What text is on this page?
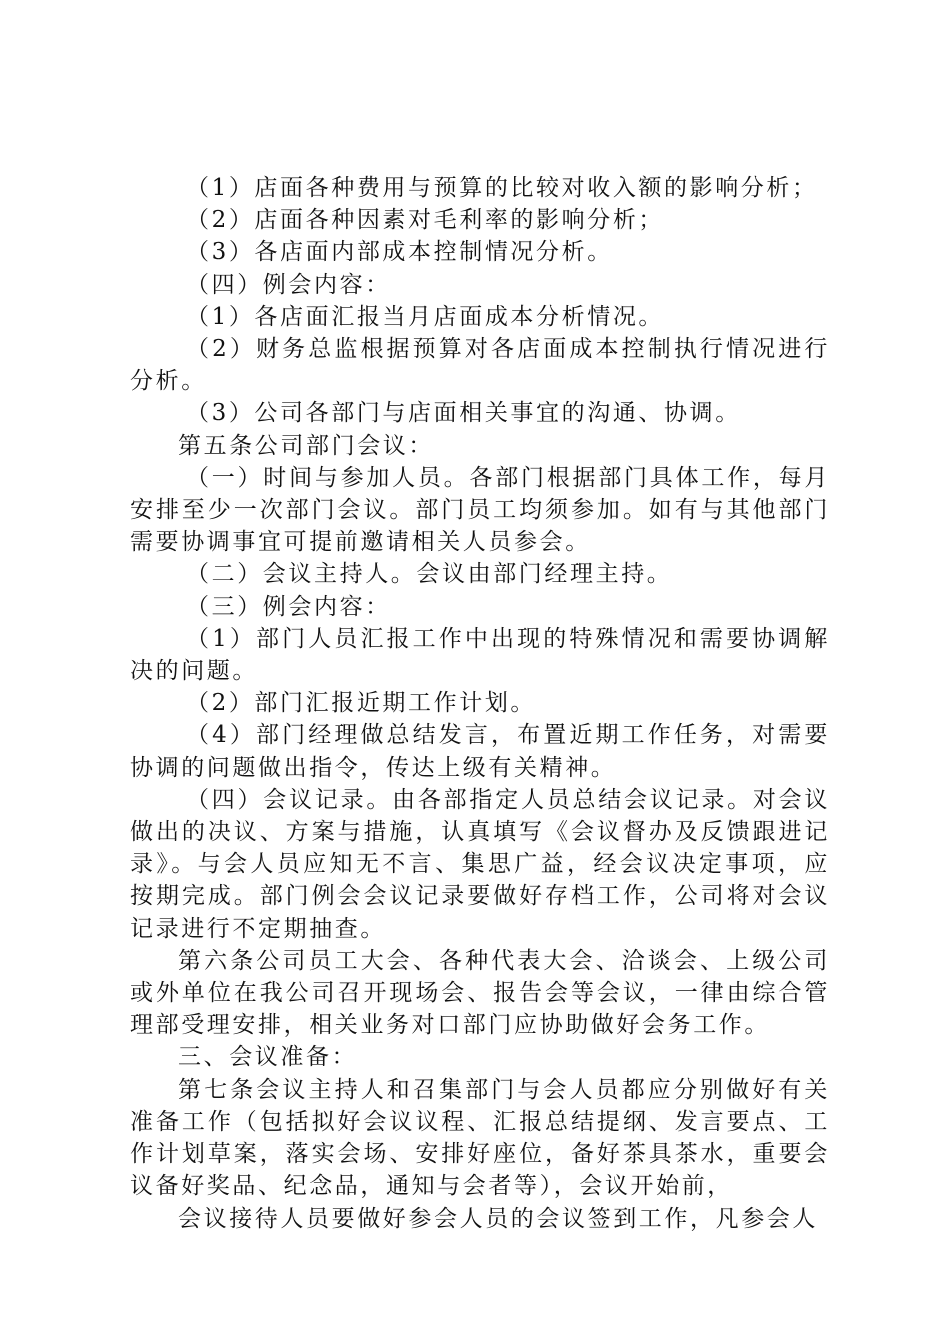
（1）店面各种费用与预算的比较对收入额的影响分析；

（2）店面各种因素对毛利率的影响分析；

（3）各店面内部成本控制情况分析。

（四）例会内容：

（1）各店面汇报当月店面成本分析情况。

（2）财务总监根据预算对各店面成本控制执行情况进行分析。

（3）公司各部门与店面相关事宜的沟通、协调。

第五条公司部门会议：

（一）时间与参加人员。各部门根据部门具体工作，每月安排至少一次部门会议。部门员工均须参加。如有与其他部门需要协调事宜可提前邀请相关人员参会。

（二）会议主持人。会议由部门经理主持。

（三）例会内容：

（1）部门人员汇报工作中出现的特殊情况和需要协调解决的问题。

（2）部门汇报近期工作计划。

（4）部门经理做总结发言，布置近期工作任务，对需要协调的问题做出指令，传达上级有关精神。

（四）会议记录。由各部指定人员总结会议记录。对会议做出的决议、方案与措施，认真填写《会议督办及反馈跟进记录》。与会人员应知无不言、集思广益，经会议决定事项，应按期完成。部门例会会议记录要做好存档工作，公司将对会议记录进行不定期抽查。

第六条公司员工大会、各种代表大会、洽谈会、上级公司或外单位在我公司召开现场会、报告会等会议，一律由综合管理部受理安排，相关业务对口部门应协助做好会务工作。

三、会议准备：

第七条会议主持人和召集部门与会人员都应分别做好有关准备工作（包括拟好会议议程、汇报总结提纲、发言要点、工作计划草案，落实会场、安排好座位，备好茶具茶水，重要会议备好奖品、纪念品，通知与会者等），会议开始前，

会议接待人员要做好参会人员的会议签到工作，凡参会人
